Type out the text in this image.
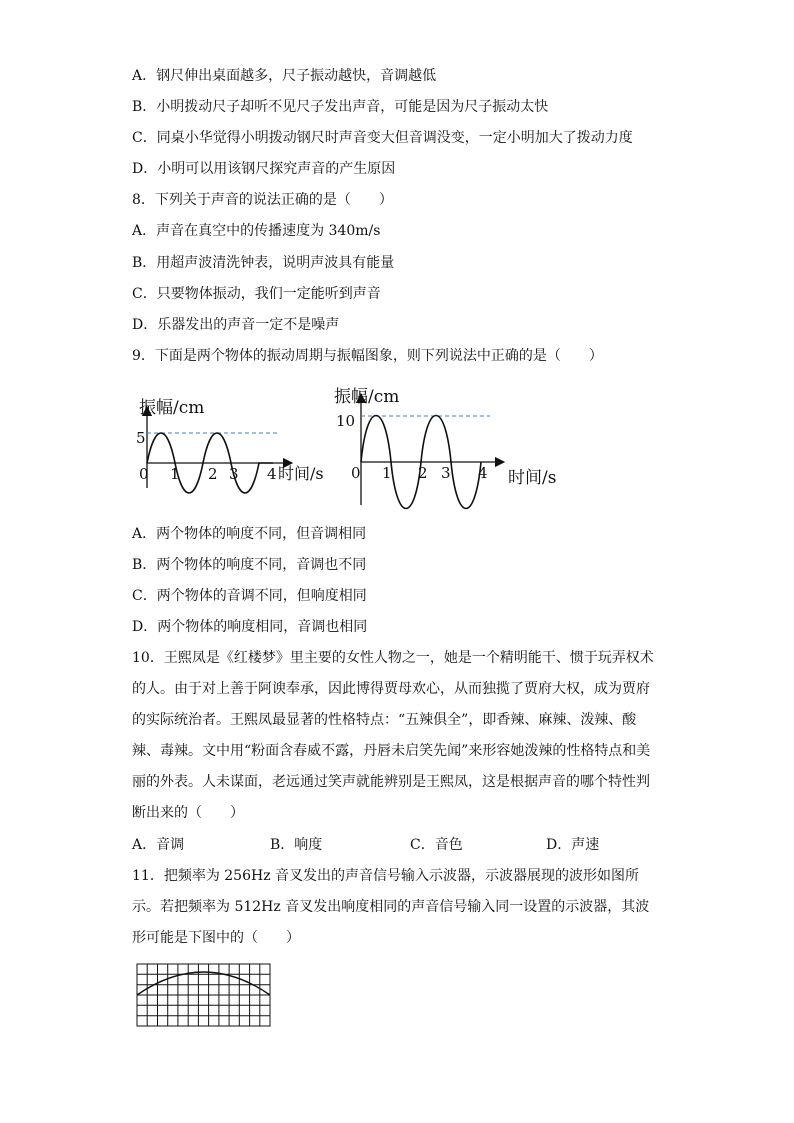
A．钢尺伸出桌面越多，尺子振动越快，音调越低
B．小明拨动尺子却听不见尺子发出声音，可能是因为尺子振动太快
C．同桌小华觉得小明拨动钢尺时声音变大但音调没变，一定小明加大了拨动力度
D．小明可以用该钢尺探究声音的产生原因
8．下列关于声音的说法正确的是（　　）
A．声音在真空中的传播速度为 340m/s
B．用超声波清洗钟表，说明声波具有能量
C．只要物体振动，我们一定能听到声音
D．乐器发出的声音一定不是噪声
9．下面是两个物体的振动周期与振幅图象，则下列说法中正确的是（　　）
振幅/cm
5
0 1 2 3 4 时间/s
振幅/cm
10
0 1 2 3 4 时间/s
A．两个物体的响度不同，但音调相同
B．两个物体的响度不同，音调也不同
C．两个物体的音调不同，但响度相同
D．两个物体的响度相同，音调也相同
10．王熙凤是《红楼梦》里主要的女性人物之一，她是一个精明能干、惯于玩弄权术的人。由于对上善于阿谀奉承，因此博得贾母欢心，从而独揽了贾府大权，成为贾府的实际统治者。王熙凤最显著的性格特点：“五辣俱全”，即香辣、麻辣、泼辣、酸辣、毒辣。文中用“粉面含春威不露，丹唇未启笑先闻”来形容她泼辣的性格特点和美丽的外表。人未谋面，老远通过笑声就能辨别是王熙凤，这是根据声音的哪个特性判断出来的（　　）
A．音调	B．响度	C．音色	D．声速
11．把频率为 256Hz 音叉发出的声音信号输入示波器，示波器展现的波形如图所示。若把频率为 512Hz 音叉发出响度相同的声音信号输入同一设置的示波器，其波形可能是下图中的（　　）
